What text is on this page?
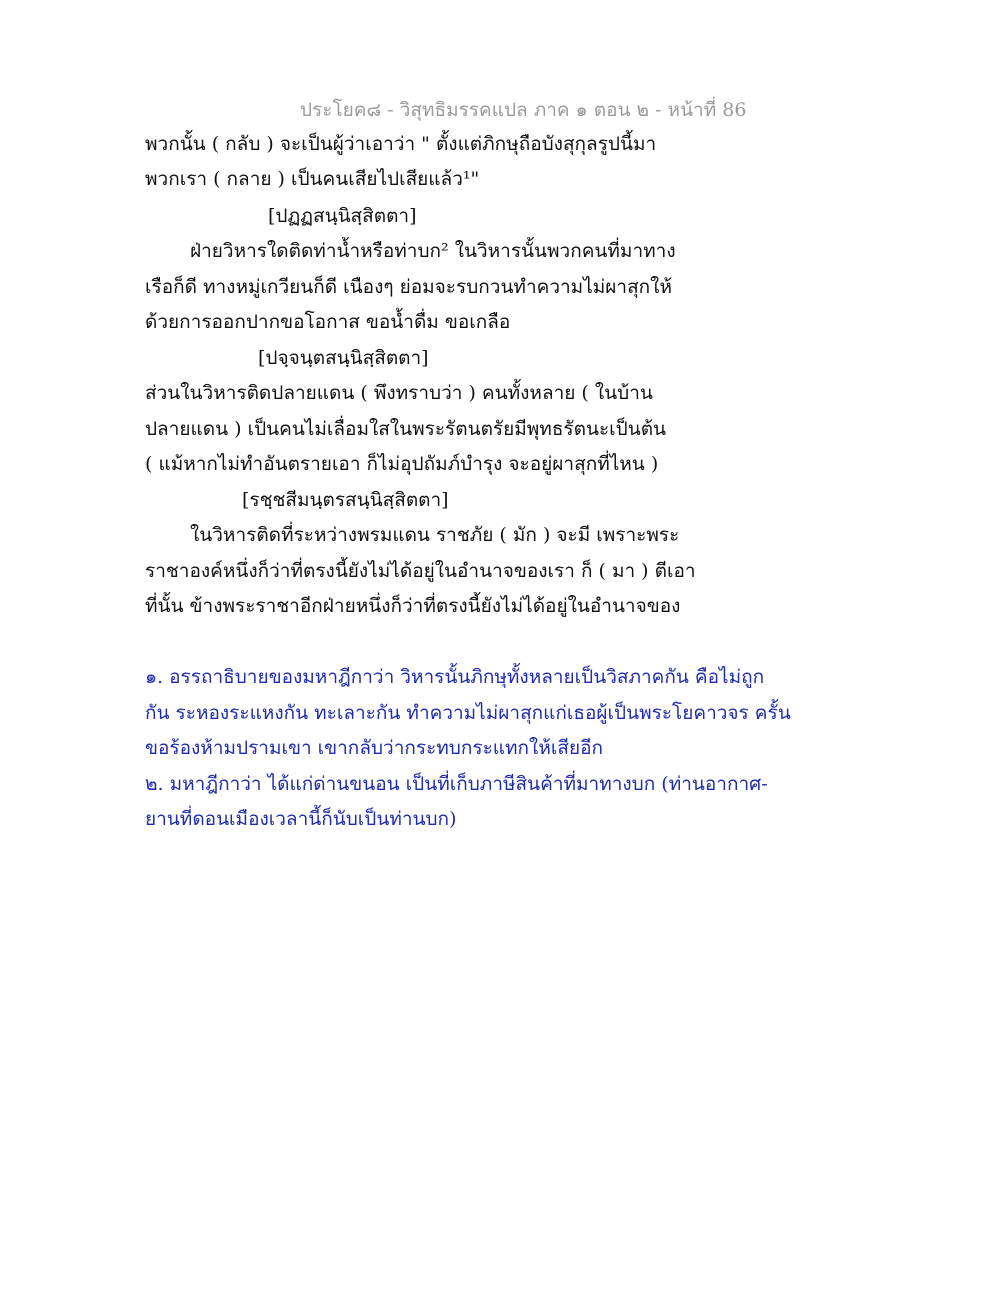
ประโยค๘ - วิสุทธิมรรคแปล ภาค ๑ ตอน ๒ - หน้าที่ 86
พวกนั้น ( กลับ ) จะเป็นผู้ว่าเอาว่า " ตั้งแต่ภิกษุถือบังสุกุลรูปนี้มา
พวกเรา ( กลาย ) เป็นคนเสียไปเสียแล้ว¹"
[ปฏฏสนฺนิสฺสิตตา]
ฝ่ายวิหารใดติดท่าน้ำหรือท่าบก² ในวิหารนั้นพวกคนที่มาทาง
เรือก็ดี ทางหมู่เกวียนก็ดี เนืองๆ ย่อมจะรบกวนทำความไม่ผาสุกให้
ด้วยการออกปากขอโอกาส ขอน้ำดื่ม ขอเกลือ
[ปจฺจนฺตสนฺนิสฺสิตตา]
ส่วนในวิหารติดปลายแดน ( พึงทราบว่า ) คนทั้งหลาย ( ในบ้าน
ปลายแดน ) เป็นคนไม่เลื่อมใสในพระรัตนตรัยมีพุทธรัตนะเป็นต้น
( แม้หากไม่ทำอันตรายเอา ก็ไม่อุปถัมภ์บำรุง จะอยู่ผาสุกที่ไหน )
[รชฺชสีมนฺตรสนฺนิสฺสิตตา]
ในวิหารติดที่ระหว่างพรมแดน ราชภัย ( มัก ) จะมี เพราะพระ
ราชาองค์หนึ่งก็ว่าที่ตรงนี้ยังไม่ได้อยู่ในอำนาจของเรา ก็ ( มา ) ตีเอา
ที่นั้น ข้างพระราชาอีกฝ่ายหนึ่งก็ว่าที่ตรงนี้ยังไม่ได้อยู่ในอำนาจของ
๑. อรรถาธิบายของมหาฎีกาว่า วิหารนั้นภิกษุทั้งหลายเป็นวิสภาคกัน คือไม่ถูก
กัน ระหองระแหงกัน ทะเลาะกัน ทำความไม่ผาสุกแก่เธอผู้เป็นพระโยคาวจร ครั้น
ขอร้องห้ามปรามเขา เขากลับว่ากระทบกระแทกให้เสียอีก
๒. มหาฎีกาว่า ได้แก่ด่านขนอน เป็นที่เก็บภาษีสินค้าที่มาทางบก (ท่านอากาศ-
ยานที่ดอนเมืองเวลานี้ก็นับเป็นท่านบก)
